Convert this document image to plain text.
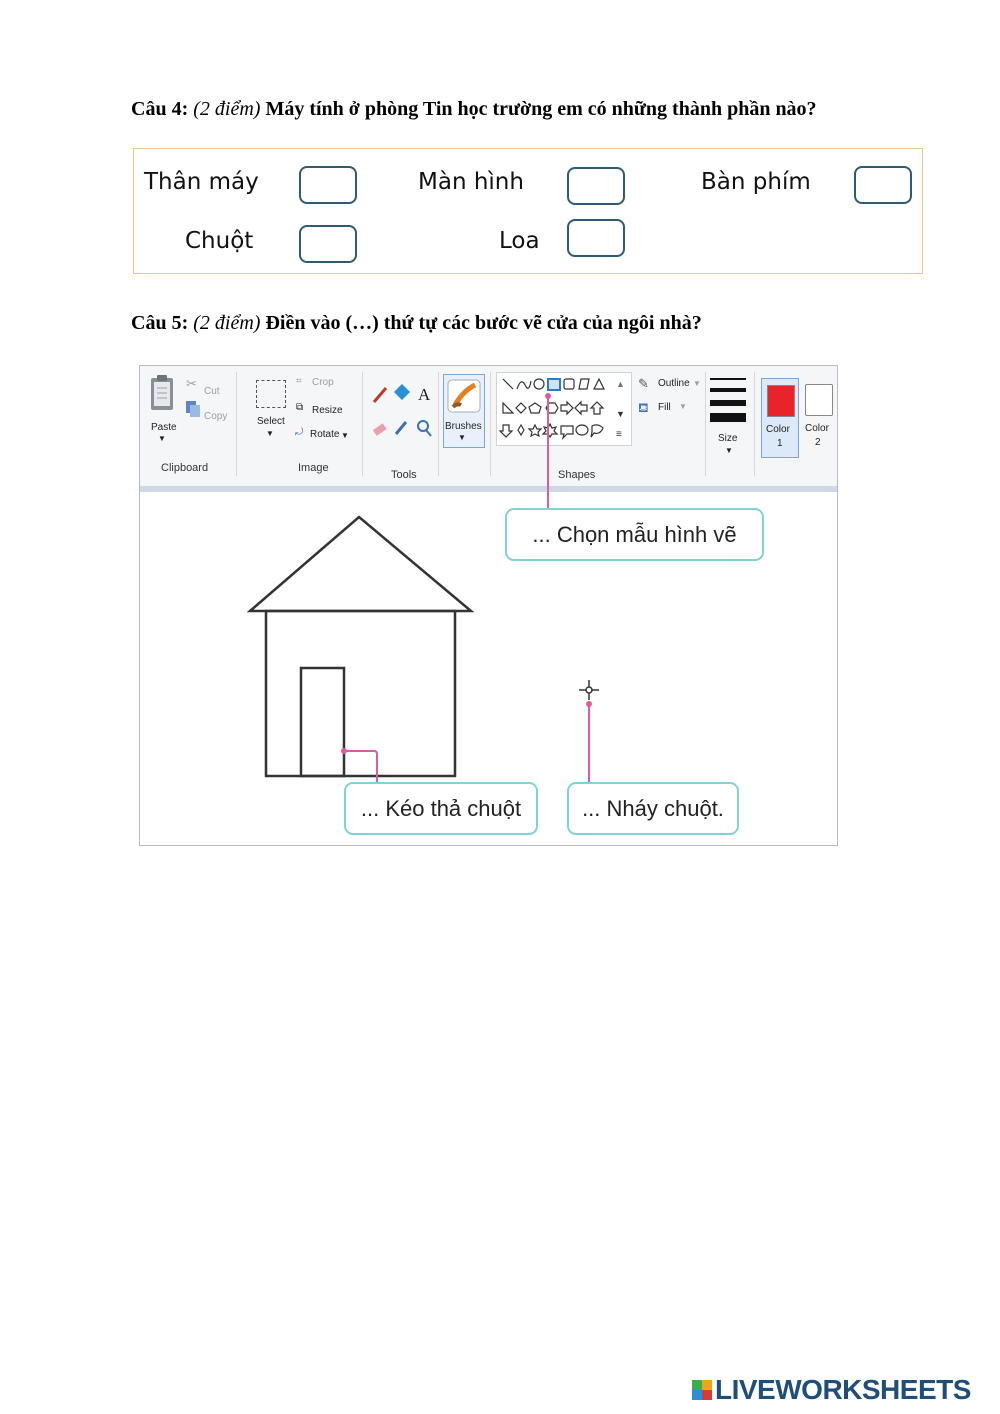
Câu 4: (2 điểm) Máy tính ở phòng Tin học trường em có những thành phần nào?
Thân máy	Màn hình	Bàn phím
Chuột	Loa
Câu 5: (2 điểm) Điền vào (…) thứ tự các bước vẽ cửa của ngôi nhà?
Paste
▼
✂
Cut
Copy
Clipboard
Select
▼
⌗ Crop
⧉ Resize
⤾ Rotate ▼
Image
A
Tools
Brushes
▼
▲
▼
≡
Shapes
✎ Outline ▼
⛾ Fill ▼
Size
▼
Color
1
Color
2
... Chọn mẫu hình vẽ
... Kéo thả chuột	... Nháy chuột.
LIVEWORKSHEETS
